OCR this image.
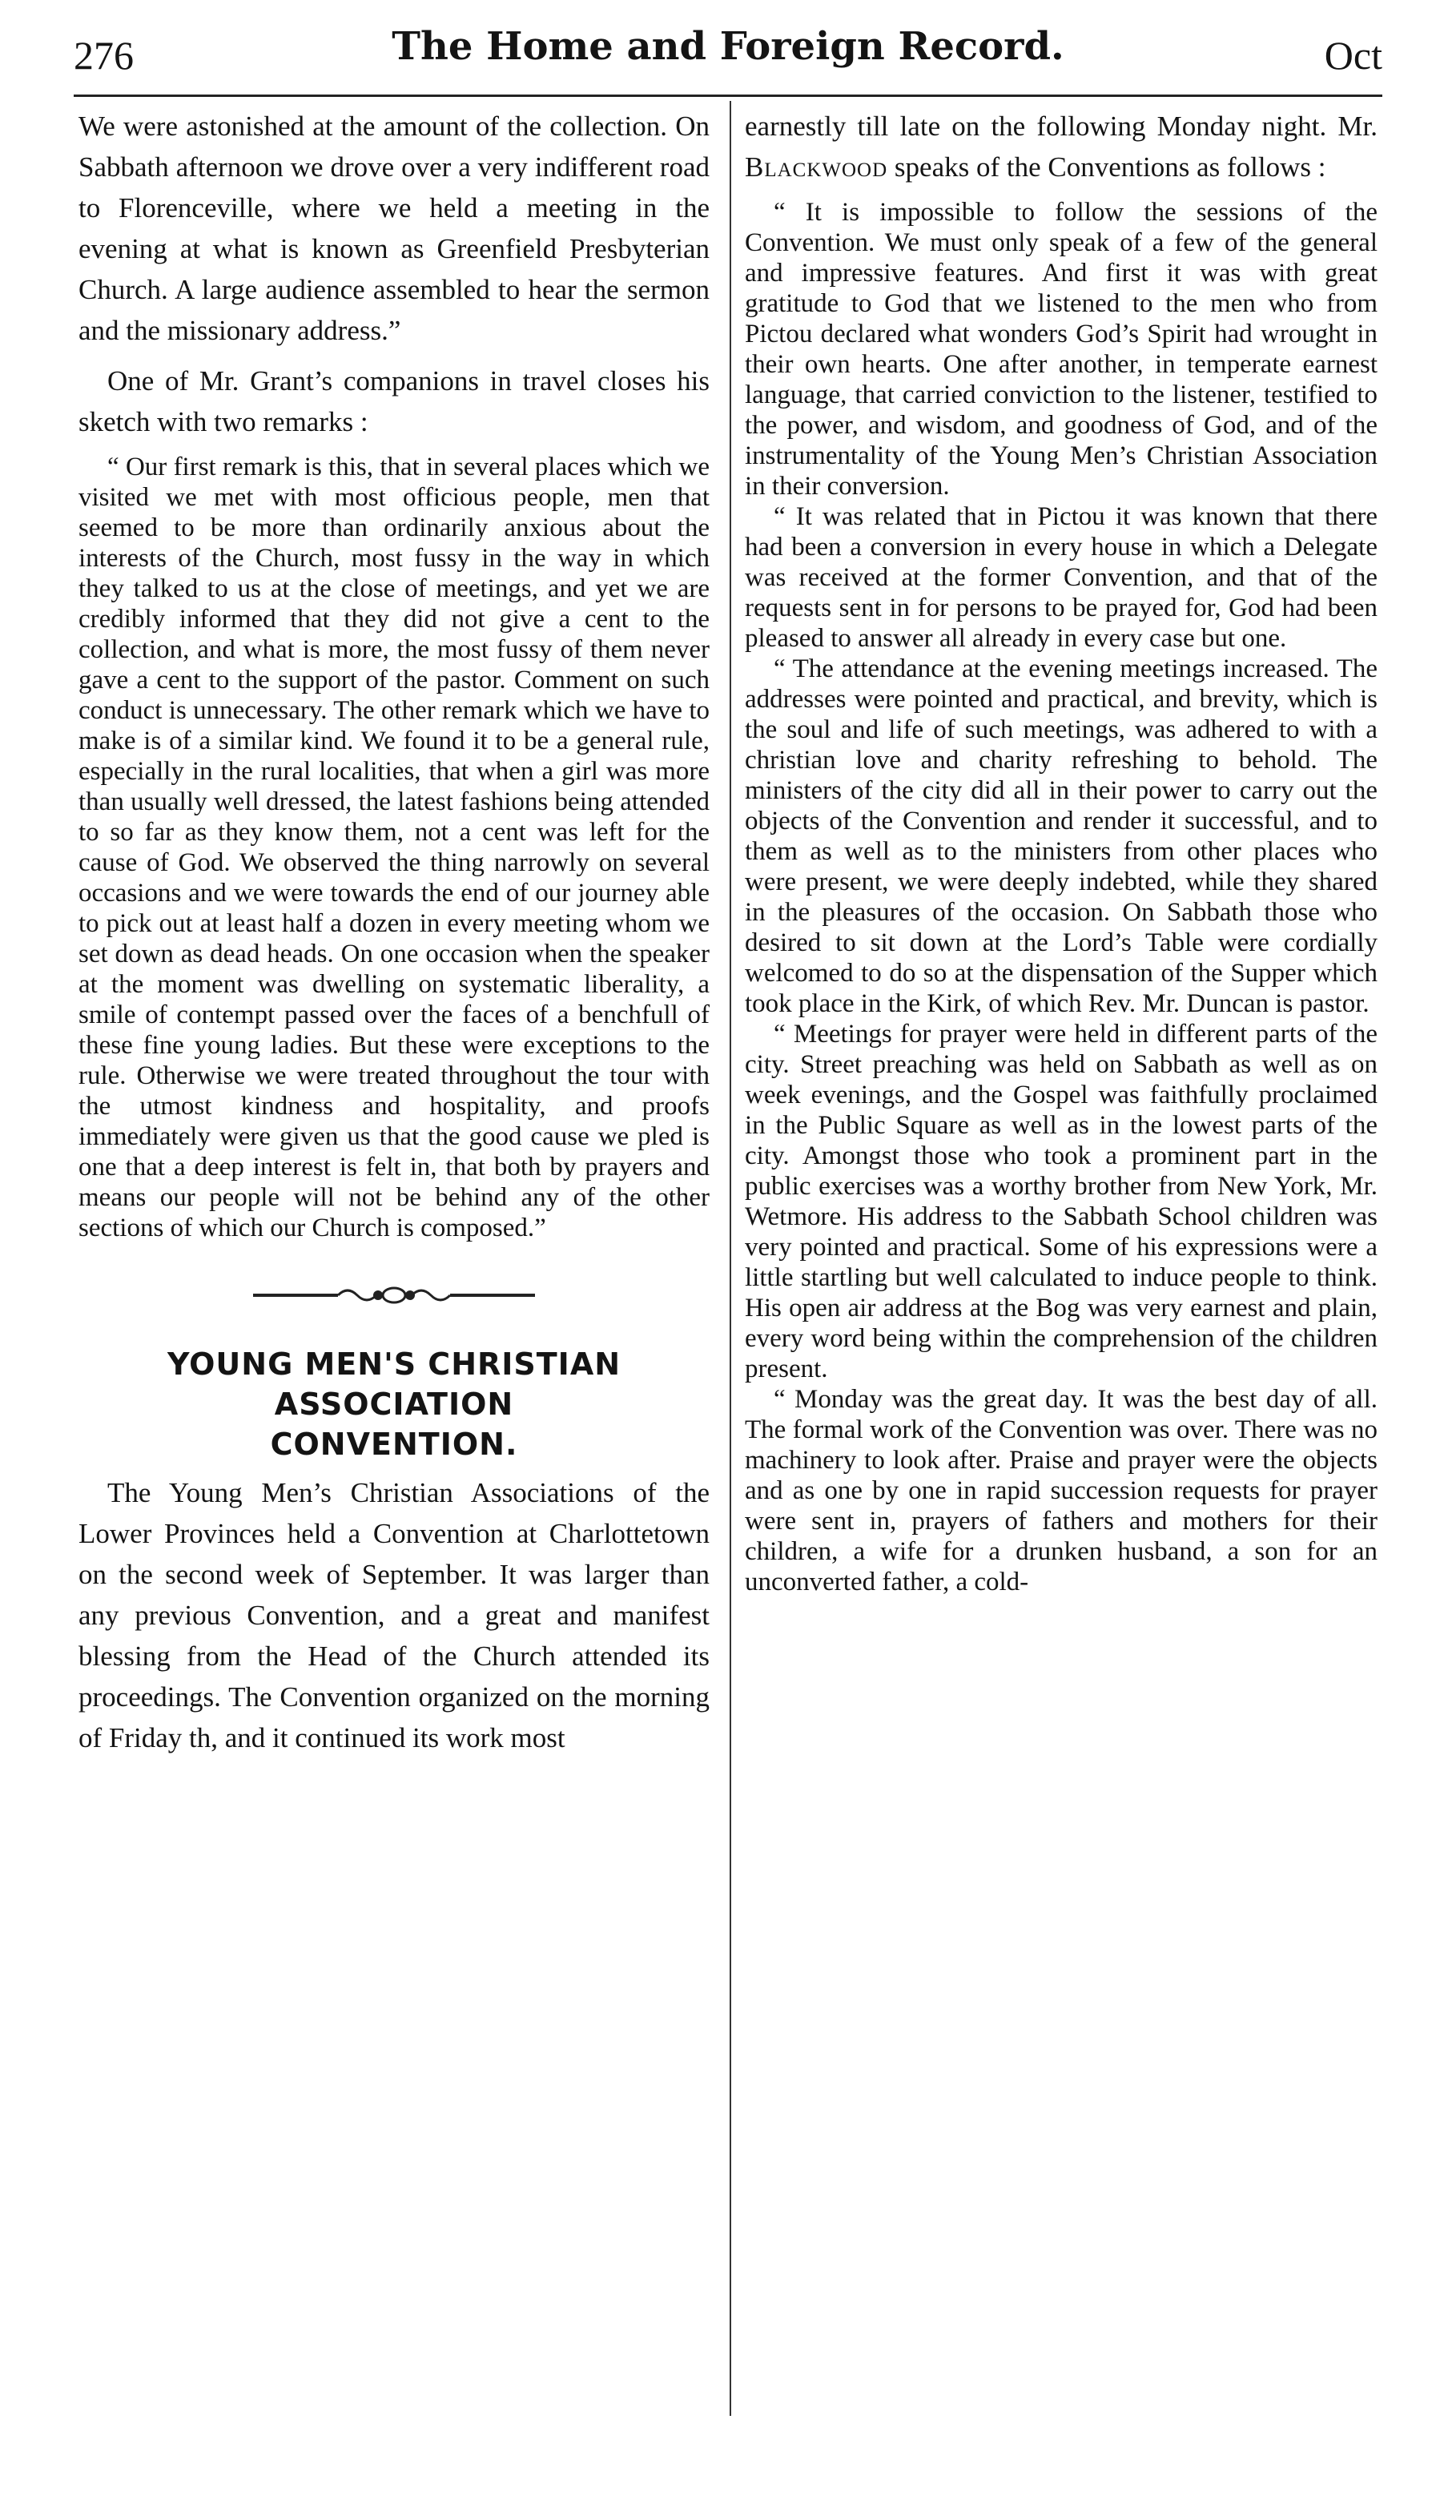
276	The Home and Foreign Record.	Oct

We were astonished at the amount of the collection. On Sabbath afternoon we drove over a very indifferent road to Florenceville, where we held a meeting in the evening at what is known as Greenfield Presbyterian Church. A large audience assembled to hear the sermon and the missionary address.”

One of Mr. Grant’s companions in travel closes his sketch with two remarks :

“ Our first remark is this, that in several places which we visited we met with most officious people, men that seemed to be more than ordinarily anxious about the interests of the Church, most fussy in the way in which they talked to us at the close of meetings, and yet we are credibly informed that they did not give a cent to the collection, and what is more, the most fussy of them never gave a cent to the support of the pastor. Comment on such conduct is unnecessary. The other remark which we have to make is of a similar kind. We found it to be a general rule, especially in the rural localities, that when a girl was more than usually well dressed, the latest fashions being attended to so far as they know them, not a cent was left for the cause of God. We observed the thing narrowly on several occasions and we were towards the end of our journey able to pick out at least half a dozen in every meeting whom we set down as dead heads. On one occasion when the speaker at the moment was dwelling on systematic liberality, a smile of contempt passed over the faces of a benchfull of these fine young ladies. But these were exceptions to the rule. Otherwise we were treated throughout the tour with the utmost kindness and hospitality, and proofs immediately were given us that the good cause we pled is one that a deep interest is felt in, that both by prayers and means our people will not be behind any of the other sections of which our Church is composed.”

YOUNG MEN'S CHRISTIAN ASSOCIATION
CONVENTION.

The Young Men’s Christian Associations of the Lower Provinces held a Convention at Charlottetown on the second week of September. It was larger than any previous Convention, and a great and manifest blessing from the Head of the Church attended its proceedings. The Convention organized on the morning of Friday th, and it continued its work most

earnestly till late on the following Monday night. Mr. Blackwood speaks of the Conventions as follows :

“ It is impossible to follow the sessions of the Convention. We must only speak of a few of the general and impressive features. And first it was with great gratitude to God that we listened to the men who from Pictou declared what wonders God’s Spirit had wrought in their own hearts. One after another, in temperate earnest language, that carried conviction to the listener, testified to the power, and wisdom, and goodness of God, and of the instrumentality of the Young Men’s Christian Association in their conversion.

“ It was related that in Pictou it was known that there had been a conversion in every house in which a Delegate was received at the former Convention, and that of the requests sent in for persons to be prayed for, God had been pleased to answer all already in every case but one.

“ The attendance at the evening meetings increased. The addresses were pointed and practical, and brevity, which is the soul and life of such meetings, was adhered to with a christian love and charity refreshing to behold. The ministers of the city did all in their power to carry out the objects of the Convention and render it successful, and to them as well as to the ministers from other places who were present, we were deeply indebted, while they shared in the pleasures of the occasion. On Sabbath those who desired to sit down at the Lord’s Table were cordially welcomed to do so at the dispensation of the Supper which took place in the Kirk, of which Rev. Mr. Duncan is pastor.

“ Meetings for prayer were held in different parts of the city. Street preaching was held on Sabbath as well as on week evenings, and the Gospel was faithfully proclaimed in the Public Square as well as in the lowest parts of the city. Amongst those who took a prominent part in the public exercises was a worthy brother from New York, Mr. Wetmore. His address to the Sabbath School children was very pointed and practical. Some of his expressions were a little startling but well calculated to induce people to think. His open air address at the Bog was very earnest and plain, every word being within the comprehension of the children present.

“ Monday was the great day. It was the best day of all. The formal work of the Convention was over. There was no machinery to look after. Praise and prayer were the objects and as one by one in rapid succession requests for prayer were sent in, prayers of fathers and mothers for their children, a wife for a drunken husband, a son for an unconverted father, a cold-
